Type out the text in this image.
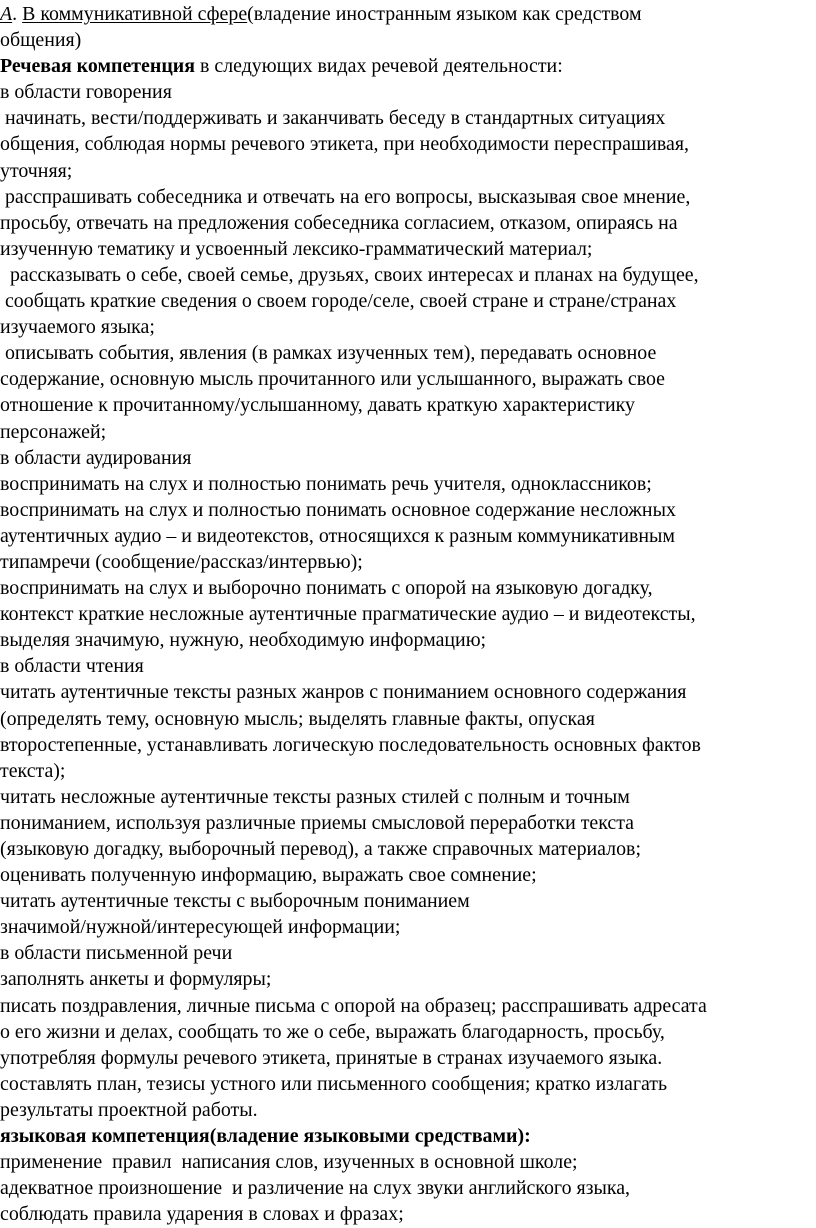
А. В коммуникативной сфере(владение иностранным языком как средством
общения)
Речевая компетенция в следующих видах речевой деятельности:
в области говорения
начинать, вести/поддерживать и заканчивать беседу в стандартных ситуациях
общения, соблюдая нормы речевого этикета, при необходимости переспрашивая,
уточняя;
расспрашивать собеседника и отвечать на его вопросы, высказывая свое мнение,
просьбу, отвечать на предложения собеседника согласием, отказом, опираясь на
изученную тематику и усвоенный лексико-грамматический материал;
рассказывать о себе, своей семье, друзьях, своих интересах и планах на будущее,
сообщать краткие сведения о своем городе/селе, своей стране и стране/странах
изучаемого языка;
описывать события, явления (в рамках изученных тем), передавать основное
содержание, основную мысль прочитанного или услышанного, выражать свое
отношение к прочитанному/услышанному, давать краткую характеристику
персонажей;
в области аудирования
воспринимать на слух и полностью понимать речь учителя, одноклассников;
воспринимать на слух и полностью понимать основное содержание несложных
аутентичных аудио – и видеотекстов, относящихся к разным коммуникативным
типамречи (сообщение/рассказ/интервью);
воспринимать на слух и выборочно понимать с опорой на языковую догадку,
контекст краткие несложные аутентичные прагматические аудио – и видеотексты,
выделяя значимую, нужную, необходимую информацию;
в области чтения
читать аутентичные тексты разных жанров с пониманием основного содержания
(определять тему, основную мысль; выделять главные факты, опуская
второстепенные, устанавливать логическую последовательность основных фактов
текста);
читать несложные аутентичные тексты разных стилей с полным и точным
пониманием, используя различные приемы смысловой переработки текста
(языковую догадку, выборочный перевод), а также справочных материалов;
оценивать полученную информацию, выражать свое сомнение;
читать аутентичные тексты с выборочным пониманием
значимой/нужной/интересующей информации;
в области письменной речи
заполнять анкеты и формуляры;
писать поздравления, личные письма с опорой на образец; расспрашивать адресата
о его жизни и делах, сообщать то же о себе, выражать благодарность, просьбу,
употребляя формулы речевого этикета, принятые в странах изучаемого языка.
составлять план, тезисы устного или письменного сообщения; кратко излагать
результаты проектной работы.
языковая компетенция(владение языковыми средствами):
применение  правил  написания слов, изученных в основной школе;
адекватное произношение  и различение на слух звуки английского языка,
соблюдать правила ударения в словах и фразах;
